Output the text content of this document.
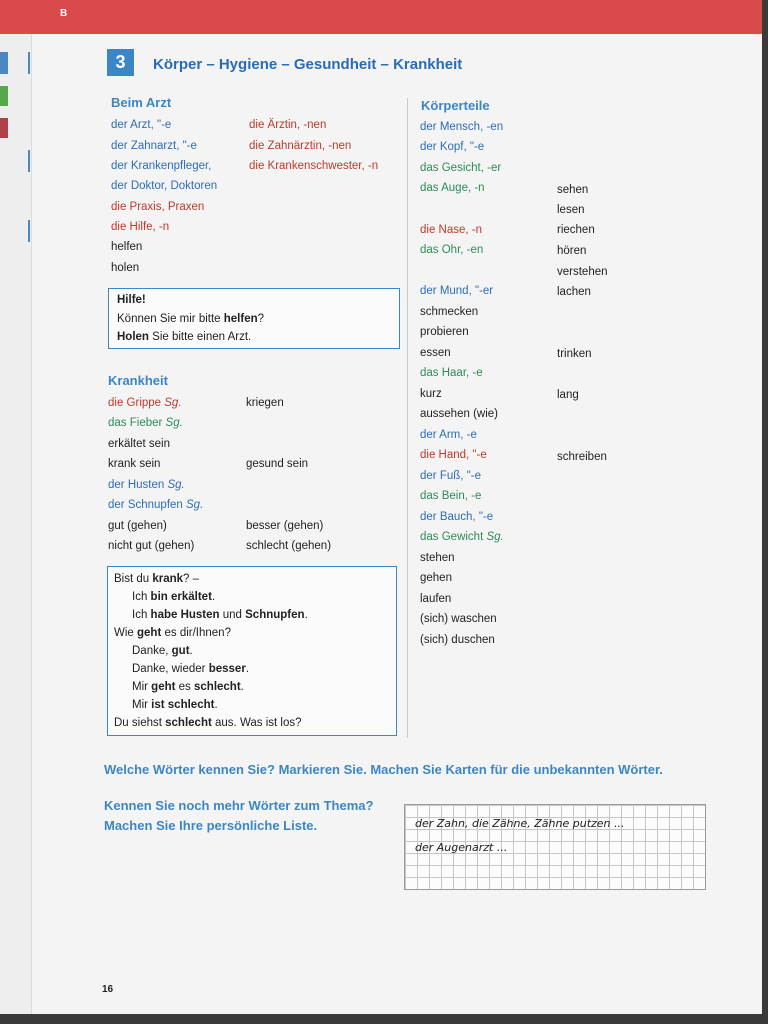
B
3	Körper – Hygiene – Gesundheit – Krankheit
Beim Arzt
der Arzt, "-e	die Ärztin, -nen
der Zahnarzt, "-e	die Zahnärztin, -nen
der Krankenpfleger,	die Krankenschwester, -n
der Doktor, Doktoren
die Praxis, Praxen
die Hilfe, -n
helfen
holen
Hilfe!
Können Sie mir bitte helfen?
Holen Sie bitte einen Arzt.
Krankheit
die Grippe Sg.	kriegen
das Fieber Sg.
erkältet sein
krank sein	gesund sein
der Husten Sg.
der Schnupfen Sg.
gut (gehen)	besser (gehen)
nicht gut (gehen)	schlecht (gehen)
Bist du krank? –
Ich bin erkältet.
Ich habe Husten und Schnupfen.
Wie geht es dir/Ihnen?
Danke, gut.
Danke, wieder besser.
Mir geht es schlecht.
Mir ist schlecht.
Du siehst schlecht aus. Was ist los?
Körperteile
der Mensch, -en
der Kopf, "-e
das Gesicht, -er
das Auge, -n	sehen
lesen
die Nase, -n	riechen
das Ohr, -en	hören
verstehen
der Mund, "-er	lachen
schmecken
probieren
essen	trinken
das Haar, -e
kurz	lang
aussehen (wie)
der Arm, -e
die Hand, "-e	schreiben
der Fuß, "-e
das Bein, -e
der Bauch, "-e
das Gewicht Sg.
stehen
gehen
laufen
(sich) waschen
(sich) duschen
Welche Wörter kennen Sie? Markieren Sie. Machen Sie Karten für die unbekannten Wörter.
Kennen Sie noch mehr Wörter zum Thema?
Machen Sie Ihre persönliche Liste.	der Zahn, die Zähne, Zähne putzen ...
der Augenarzt ...
16
